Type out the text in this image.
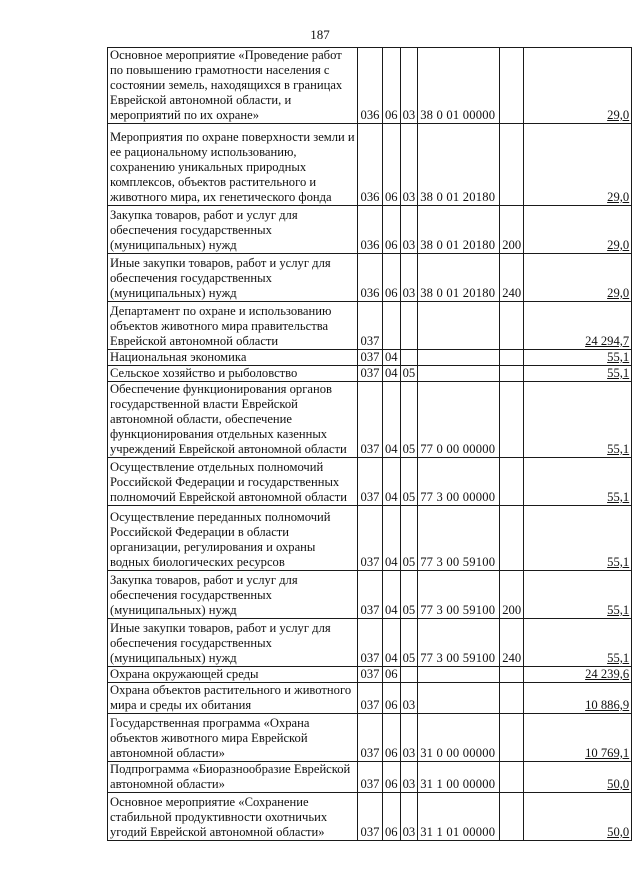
187
Основное мероприятие «Проведение работ по повышению грамотности населения с состоянии земель, находящихся в границах Еврейской автономной области, и мероприятий по их охране»	036	06	03	38 0 01 00000		29,0
Мероприятия по охране поверхности земли и ее рациональному использованию, сохранению уникальных природных комплексов, объектов растительного и животного мира, их генетического фонда	036	06	03	38 0 01 20180		29,0
Закупка товаров, работ и услуг для обеспечения государственных (муниципальных) нужд	036	06	03	38 0 01 20180	200	29,0
Иные закупки товаров, работ и услуг для обеспечения государственных (муниципальных) нужд	036	06	03	38 0 01 20180	240	29,0
Департамент по охране и использованию объектов животного мира правительства Еврейской автономной области	037					24 294,7
Национальная экономика	037	04				55,1
Сельское хозяйство и рыболовство	037	04	05			55,1
Обеспечение функционирования органов государственной власти Еврейской автономной области, обеспечение функционирования отдельных казенных учреждений Еврейской автономной области	037	04	05	77 0 00 00000		55,1
Осуществление отдельных полномочий Российской Федерации и государственных полномочий Еврейской автономной области	037	04	05	77 3 00 00000		55,1
Осуществление переданных полномочий Российской Федерации в области организации, регулирования и охраны водных биологических ресурсов	037	04	05	77 3 00 59100		55,1
Закупка товаров, работ и услуг для обеспечения государственных (муниципальных) нужд	037	04	05	77 3 00 59100	200	55,1
Иные закупки товаров, работ и услуг для обеспечения государственных (муниципальных) нужд	037	04	05	77 3 00 59100	240	55,1
Охрана окружающей среды	037	06				24 239,6
Охрана объектов растительного и животного мира и среды их обитания	037	06	03			10 886,9
Государственная программа «Охрана объектов животного мира Еврейской автономной области»	037	06	03	31 0 00 00000		10 769,1
Подпрограмма «Биоразнообразие Еврейской автономной области»	037	06	03	31 1 00 00000		50,0
Основное мероприятие «Сохранение стабильной продуктивности охотничьих угодий Еврейской автономной области»	037	06	03	31 1 01 00000		50,0
